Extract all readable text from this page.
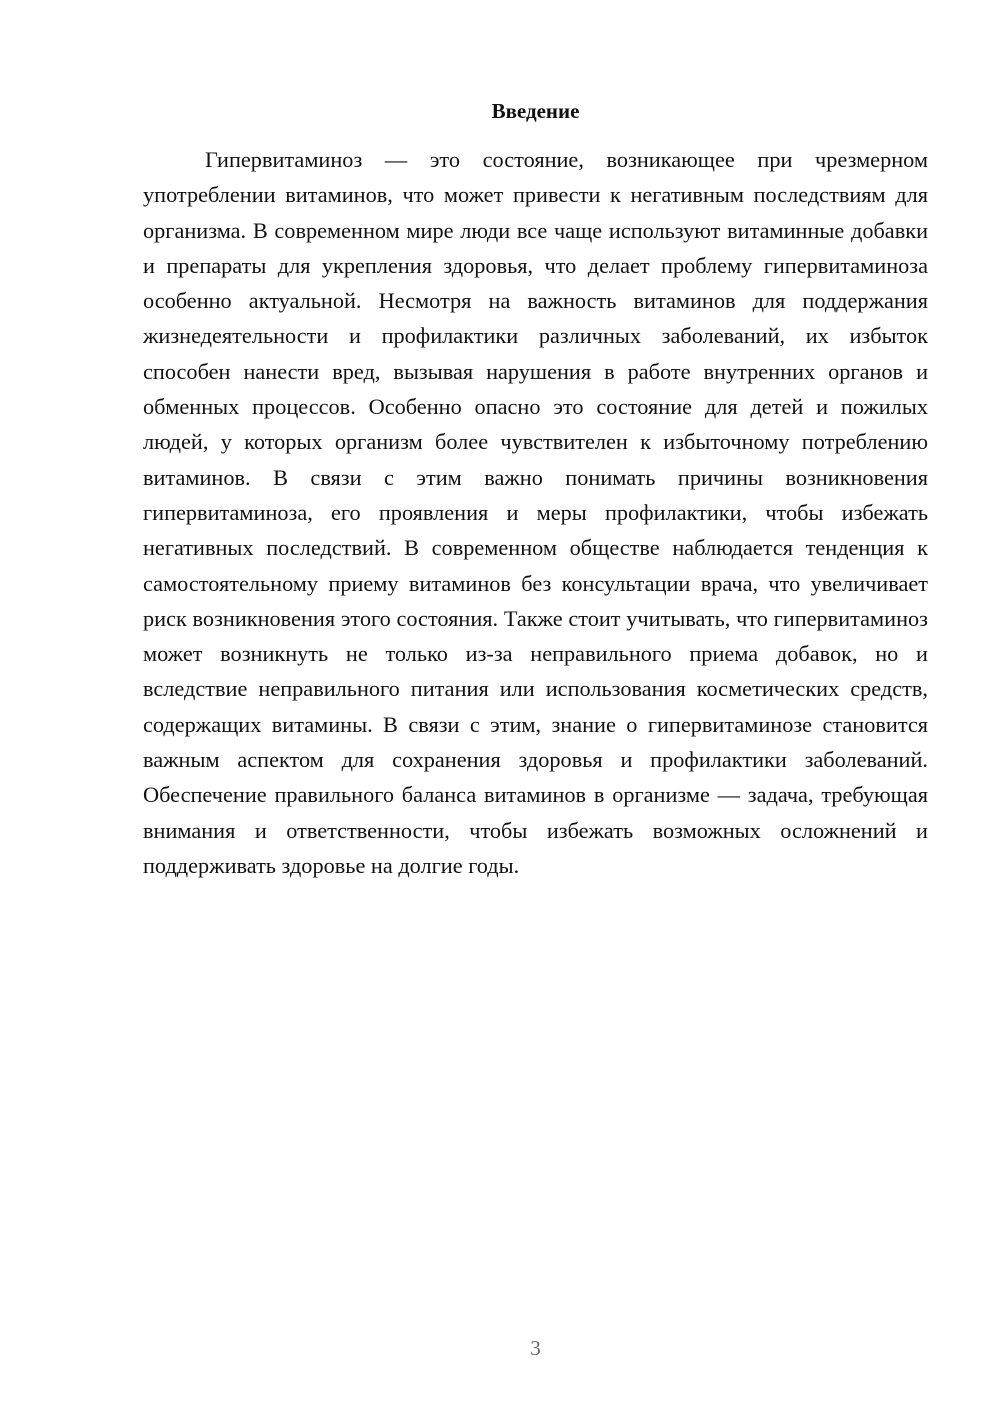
Введение

Гипервитаминоз — это состояние, возникающее при чрезмерном употреблении витаминов, что может привести к негативным последствиям для организма. В современном мире люди все чаще используют витаминные добавки и препараты для укрепления здоровья, что делает проблему гипервитаминоза особенно актуальной. Несмотря на важность витаминов для поддержания жизнедеятельности и профилактики различных заболеваний, их избыток способен нанести вред, вызывая нарушения в работе внутренних органов и обменных процессов. Особенно опасно это состояние для детей и пожилых людей, у которых организм более чувствителен к избыточному потреблению витаминов. В связи с этим важно понимать причины возникновения гипервитаминоза, его проявления и меры профилактики, чтобы избежать негативных последствий. В современном обществе наблюдается тенденция к самостоятельному приему витаминов без консультации врача, что увеличивает риск возникновения этого состояния. Также стоит учитывать, что гипервитаминоз может возникнуть не только из-за неправильного приема добавок, но и вследствие неправильного питания или использования косметических средств, содержащих витамины. В связи с этим, знание о гипервитаминозе становится важным аспектом для сохранения здоровья и профилактики заболеваний. Обеспечение правильного баланса витаминов в организме — задача, требующая внимания и ответственности, чтобы избежать возможных осложнений и поддерживать здоровье на долгие годы.

3
